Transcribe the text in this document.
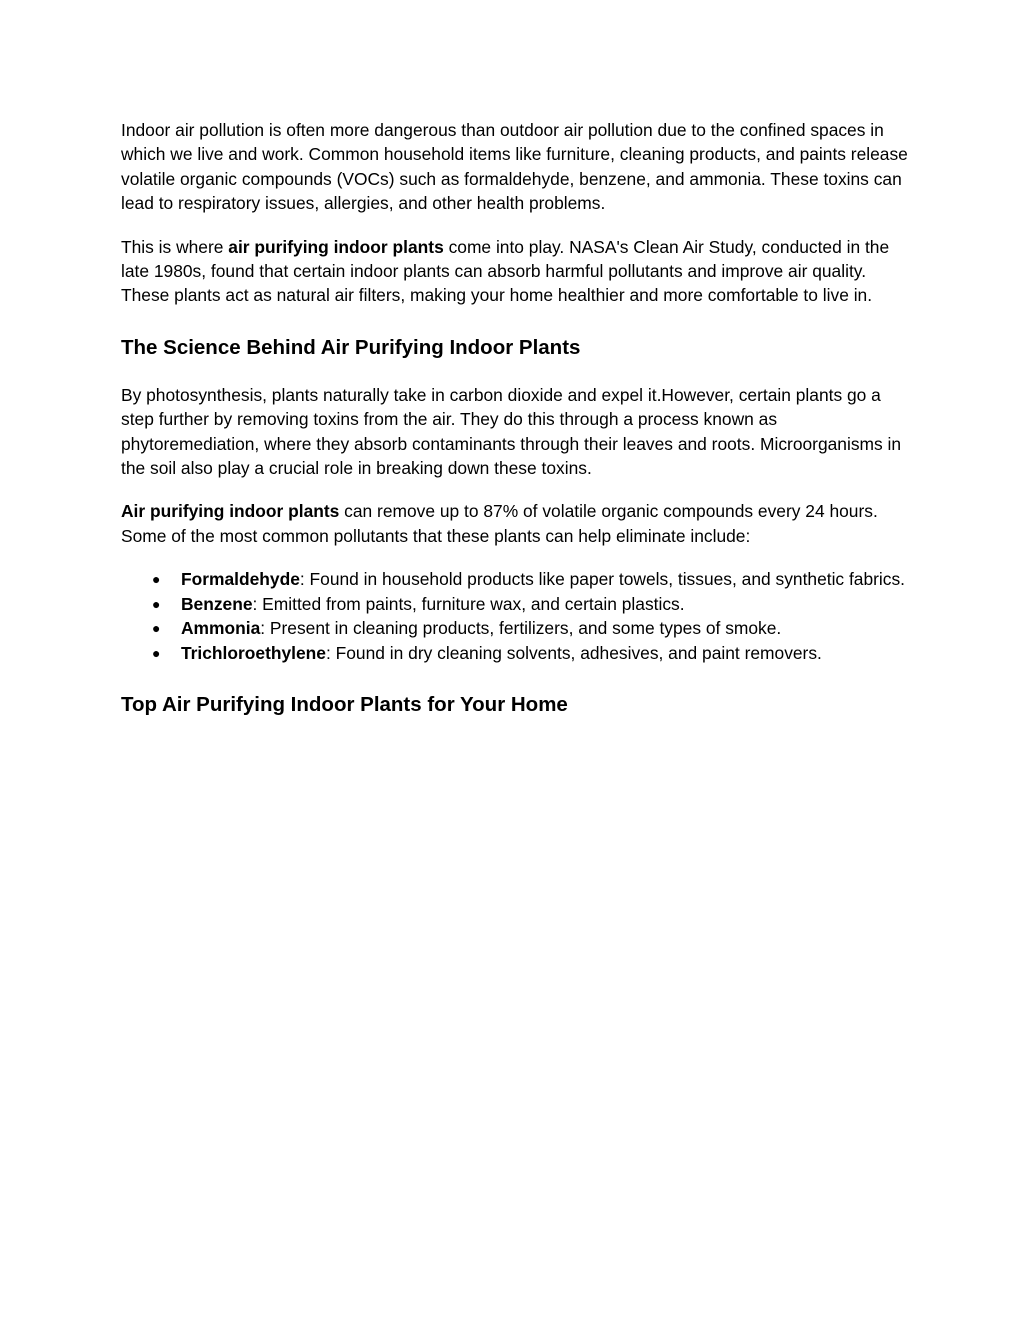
Indoor air pollution is often more dangerous than outdoor air pollution due to the confined spaces in which we live and work. Common household items like furniture, cleaning products, and paints release volatile organic compounds (VOCs) such as formaldehyde, benzene, and ammonia. These toxins can lead to respiratory issues, allergies, and other health problems.

This is where air purifying indoor plants come into play. NASA's Clean Air Study, conducted in the late 1980s, found that certain indoor plants can absorb harmful pollutants and improve air quality. These plants act as natural air filters, making your home healthier and more comfortable to live in.

The Science Behind Air Purifying Indoor Plants

By photosynthesis, plants naturally take in carbon dioxide and expel it.However, certain plants go a step further by removing toxins from the air. They do this through a process known as phytoremediation, where they absorb contaminants through their leaves and roots. Microorganisms in the soil also play a crucial role in breaking down these toxins.

Air purifying indoor plants can remove up to 87% of volatile organic compounds every 24 hours. Some of the most common pollutants that these plants can help eliminate include:

● Formaldehyde: Found in household products like paper towels, tissues, and synthetic fabrics.
● Benzene: Emitted from paints, furniture wax, and certain plastics.
● Ammonia: Present in cleaning products, fertilizers, and some types of smoke.
● Trichloroethylene: Found in dry cleaning solvents, adhesives, and paint removers.
Top Air Purifying Indoor Plants for Your Home
